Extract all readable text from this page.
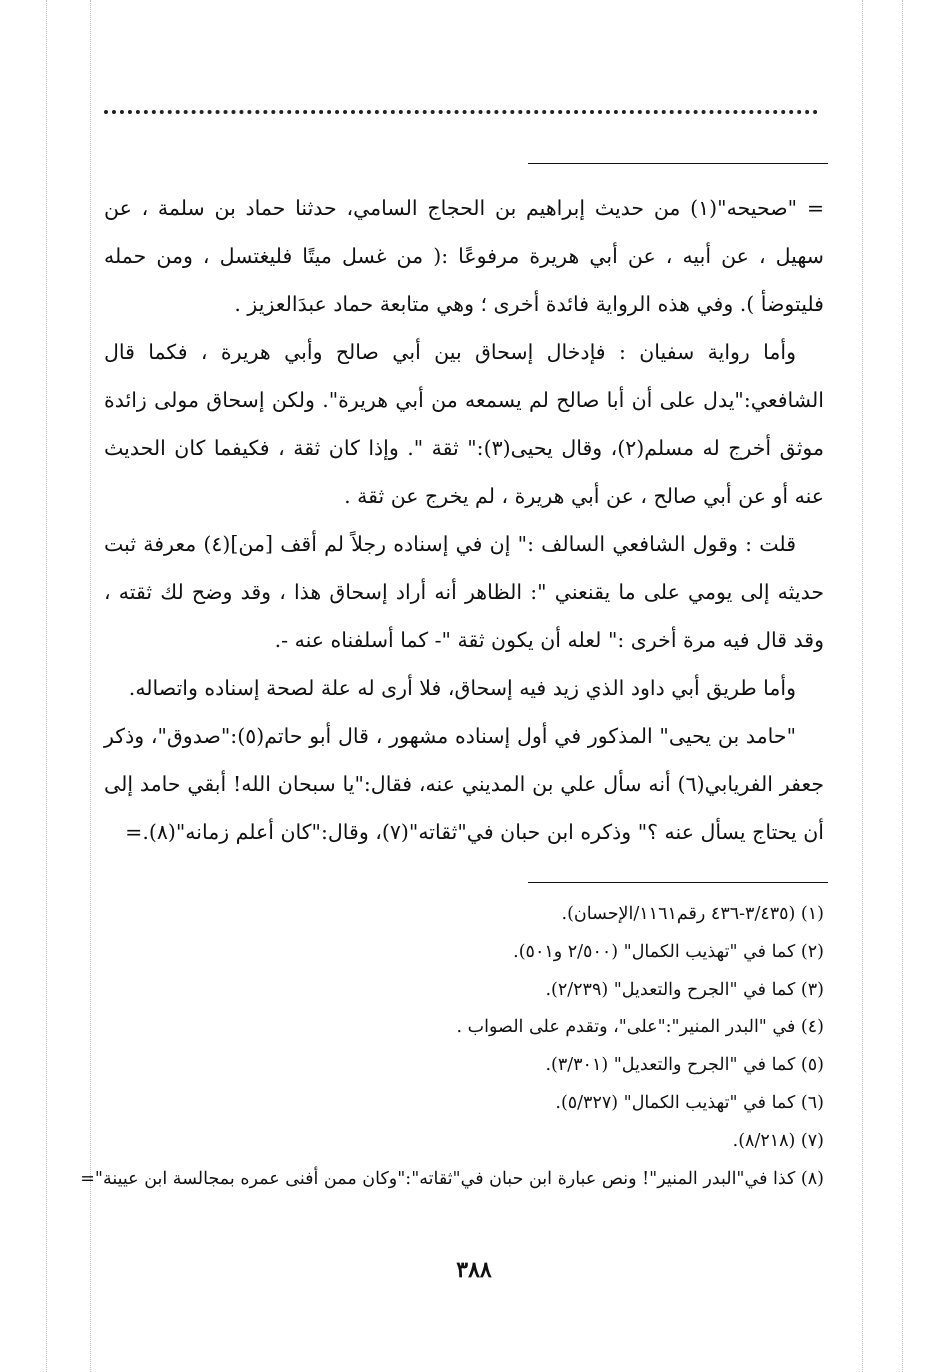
= "صحيحه"(١) من حديث إبراهيم بن الحجاج السامي، حدثنا حماد بن سلمة ، عن سهيل ، عن أبيه ، عن أبي هريرة مرفوعًا :( من غسل ميتًا فليغتسل ، ومن حمله فليتوضأ ). وفي هذه الرواية فائدة أخرى ؛ وهي متابعة حماد عبدَالعزيز .

وأما رواية سفيان : فإدخال إسحاق بين أبي صالح وأبي هريرة ، فكما قال الشافعي:"يدل على أن أبا صالح لم يسمعه من أبي هريرة". ولكن إسحاق مولى زائدة موثق أخرج له مسلم(٢)، وقال يحيى(٣):" ثقة ". وإذا كان ثقة ، فكيفما كان الحديث عنه أو عن أبي صالح ، عن أبي هريرة ، لم يخرج عن ثقة .

قلت : وقول الشافعي السالف :" إن في إسناده رجلاً لم أقف [من](٤) معرفة ثبت حديثه إلى يومي على ما يقنعني ": الظاهر أنه أراد إسحاق هذا ، وقد وضح لك ثقته ، وقد قال فيه مرة أخرى :" لعله أن يكون ثقة "- كما أسلفناه عنه -.

وأما طريق أبي داود الذي زيد فيه إسحاق، فلا أرى له علة لصحة إسناده واتصاله.

"حامد بن يحيى" المذكور في أول إسناده مشهور ، قال أبو حاتم(٥):"صدوق"، وذكر جعفر الفريابي(٦) أنه سأل علي بن المديني عنه، فقال:"يا سبحان الله! أبقي حامد إلى أن يحتاج يسأل عنه ؟" وذكره ابن حبان في"ثقاته"(٧)، وقال:"كان أعلم زمانه"(٨).=

(١) (٣/٤٣٥-٤٣٦ رقم١١٦١/الإحسان).

(٢) كما في "تهذيب الكمال" (٢/٥٠٠ و٥٠١).

(٣) كما في "الجرح والتعديل" (٢/٢٣٩).

(٤) في "البدر المنير":"على"، وتقدم على الصواب .

(٥) كما في "الجرح والتعديل" (٣/٣٠١).

(٦) كما في "تهذيب الكمال" (٥/٣٢٧).

(٧) (٨/٢١٨).

(٨) كذا في"البدر المنير"! ونص عبارة ابن حبان في"ثقاته":"وكان ممن أفنى عمره بمجالسة ابن عيينة"=

٣٨٨
